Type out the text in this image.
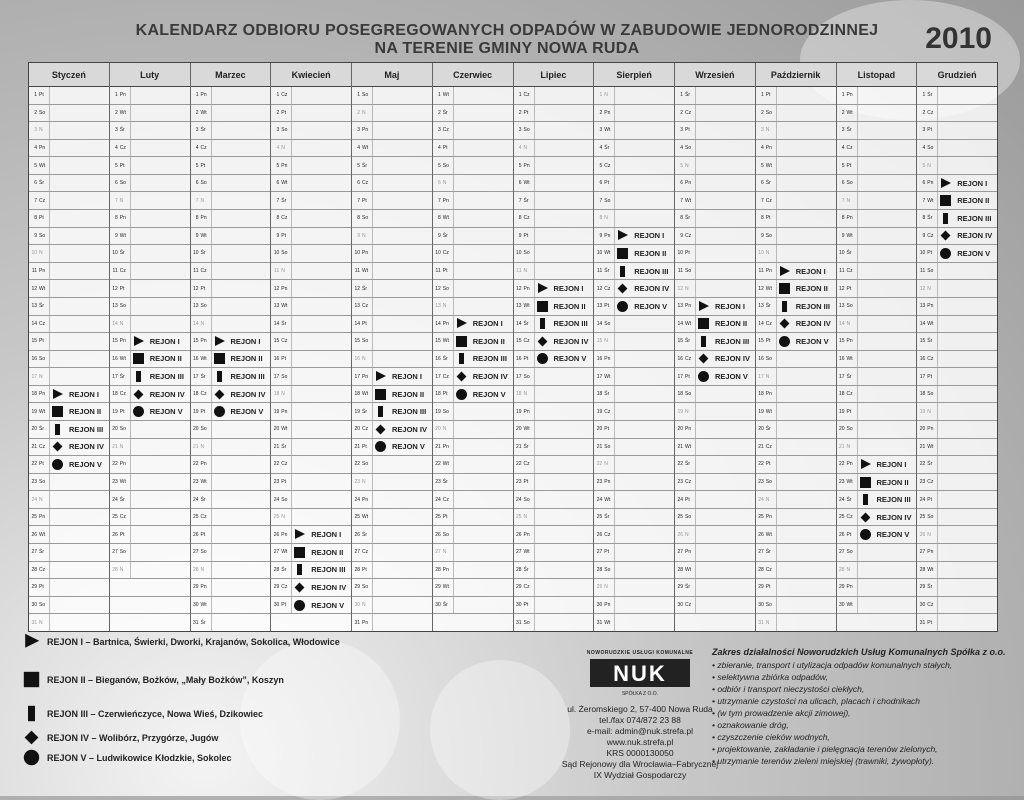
KALENDARZ ODBIORU POSEGREGOWANYCH ODPADÓW W ZABUDOWIE JEDNORODZINNEJ
NA TERENIE GMINY NOWA RUDA	2010
Styczeń
1 Pt
2 So
3 N
4 Pn
5 Wt
6 Śr
7 Cz
8 Pt
9 So
10 N
11 Pn
12 Wt
13 Śr
14 Cz
15 Pt
16 So
17 N
18 Pn	REJON I
19 Wt	REJON II
20 Śr	REJON III
21 Cz	REJON IV
22 Pt	REJON V
23 So
24 N
25 Pn
26 Wt
27 Śr
28 Cz
29 Pt
30 So
31 N
Luty
1 Pn
2 Wt
3 Śr
4 Cz
5 Pt
6 So
7 N
8 Pn
9 Wt
10 Śr
11 Cz
12 Pt
13 So
14 N
15 Pn	REJON I
16 Wt	REJON II
17 Śr	REJON III
18 Cz	REJON IV
19 Pt	REJON V
20 So
21 N
22 Pn
23 Wt
24 Śr
25 Cz
26 Pt
27 So
28 N
Marzec
1 Pn
2 Wt
3 Śr
4 Cz
5 Pt
6 So
7 N
8 Pn
9 Wt
10 Śr
11 Cz
12 Pt
13 So
14 N
15 Pn	REJON I
16 Wt	REJON II
17 Śr	REJON III
18 Cz	REJON IV
19 Pt	REJON V
20 So
21 N
22 Pn
23 Wt
24 Śr
25 Cz
26 Pt
27 So
28 N
29 Pn
30 Wt
31 Śr
Kwiecień
1 Cz
2 Pt
3 So
4 N
5 Pn
6 Wt
7 Śr
8 Cz
9 Pt
10 So
11 N
12 Pn
13 Wt
14 Śr
15 Cz
16 Pt
17 So
18 N
19 Pn
20 Wt
21 Śr
22 Cz
23 Pt
24 So
25 N
26 Pn	REJON I
27 Wt	REJON II
28 Śr	REJON III
29 Cz	REJON IV
30 Pt	REJON V
Maj
1 So
2 N
3 Pn
4 Wt
5 Śr
6 Cz
7 Pt
8 So
9 N
10 Pn
11 Wt
12 Śr
13 Cz
14 Pt
15 So
16 N
17 Pn	REJON I
18 Wt	REJON II
19 Śr	REJON III
20 Cz	REJON IV
21 Pt	REJON V
22 So
23 N
24 Pn
25 Wt
26 Śr
27 Cz
28 Pt
29 So
30 N
31 Pn
Czerwiec
1 Wt
2 Śr
3 Cz
4 Pt
5 So
6 N
7 Pn
8 Wt
9 Śr
10 Cz
11 Pt
12 So
13 N
14 Pn	REJON I
15 Wt	REJON II
16 Śr	REJON III
17 Cz	REJON IV
18 Pt	REJON V
19 So
20 N
21 Pn
22 Wt
23 Śr
24 Cz
25 Pt
26 So
27 N
28 Pn
29 Wt
30 Śr
Lipiec
1 Cz
2 Pt
3 So
4 N
5 Pn
6 Wt
7 Śr
8 Cz
9 Pt
10 So
11 N
12 Pn	REJON I
13 Wt	REJON II
14 Śr	REJON III
15 Cz	REJON IV
16 Pt	REJON V
17 So
18 N
19 Pn
20 Wt
21 Śr
22 Cz
23 Pt
24 So
25 N
26 Pn
27 Wt
28 Śr
29 Cz
30 Pt
31 So
Sierpień
1 N
2 Pn
3 Wt
4 Śr
5 Cz
6 Pt
7 So
8 N
9 Pn	REJON I
10 Wt	REJON II
11 Śr	REJON III
12 Cz	REJON IV
13 Pt	REJON V
14 So
15 N
16 Pn
17 Wt
18 Śr
19 Cz
20 Pt
21 So
22 N
23 Pn
24 Wt
25 Śr
26 Cz
27 Pt
28 So
29 N
30 Pn
31 Wt
Wrzesień
1 Śr
2 Cz
3 Pt
4 So
5 N
6 Pn
7 Wt
8 Śr
9 Cz
10 Pt
11 So
12 N
13 Pn	REJON I
14 Wt	REJON II
15 Śr	REJON III
16 Cz	REJON IV
17 Pt	REJON V
18 So
19 N
20 Pn
21 Wt
22 Śr
23 Cz
24 Pt
25 So
26 N
27 Pn
28 Wt
29 Śr
30 Cz
Październik
1 Pt
2 So
3 N
4 Pn
5 Wt
6 Śr
7 Cz
8 Pt
9 So
10 N
11 Pn	REJON I
12 Wt	REJON II
13 Śr	REJON III
14 Cz	REJON IV
15 Pt	REJON V
16 So
17 N
18 Pn
19 Wt
20 Śr
21 Cz
22 Pt
23 So
24 N
25 Pn
26 Wt
27 Śr
28 Cz
29 Pt
30 So
31 N
Listopad
1 Pn
2 Wt
3 Śr
4 Cz
5 Pt
6 So
7 N
8 Pn
9 Wt
10 Śr
11 Cz
12 Pt
13 So
14 N
15 Pn
16 Wt
17 Śr
18 Cz
19 Pt
20 So
21 N
22 Pn	REJON I
23 Wt	REJON II
24 Śr	REJON III
25 Cz	REJON IV
26 Pt	REJON V
27 So
28 N
29 Pn
30 Wt
Grudzień
1 Śr
2 Cz
3 Pt
4 So
5 N
6 Pn	REJON I
7 Wt	REJON II
8 Śr	REJON III
9 Cz	REJON IV
10 Pt	REJON V
11 So
12 N
13 Pn
14 Wt
15 Śr
16 Cz
17 Pt
18 So
19 N
20 Pn
21 Wt
22 Śr
23 Cz
24 Pt
25 So
26 N
27 Pn
28 Wt
29 Śr
30 Cz
31 Pt
REJON I – Bartnica, Świerki, Dworki, Krajanów, Sokolica, Włodowice
REJON II – Bieganów, Bożków, „Mały Bożków”, Koszyn
REJON III – Czerwieńczyce, Nowa Wieś, Dzikowiec
REJON IV – Wolibórz, Przygórze, Jugów
REJON V – Ludwikowice Kłodzkie, Sokolec
NOWORUDZKIE USŁUGI KOMUNALNE
NUK
SPÓŁKA Z O.O.
ul. Żeromskiego 2, 57-400 Nowa Ruda
tel./fax 074/872 23 88
e-mail: admin@nuk.strefa.pl
www.nuk.strefa.pl
KRS 0000130050
Sąd Rejonowy dla Wrocławia–Fabrycznej
IX Wydział Gospodarczy
Zakres działalności Noworudzkich Usług Komunalnych Spółka z o.o.
• zbieranie, transport i utylizacja odpadów komunalnych stałych,
• selektywna zbiórka odpadów,
• odbiór i transport nieczystości ciekłych,
• utrzymanie czystości na ulicach, placach i chodnikach
• (w tym prowadzenie akcji zimowej),
• oznakowanie dróg,
• czyszczenie cieków wodnych,
• projektowanie, zakładanie i pielęgnacja terenów zielonych,
• utrzymanie terenów zieleni miejskiej (trawniki, żywopłoty).
